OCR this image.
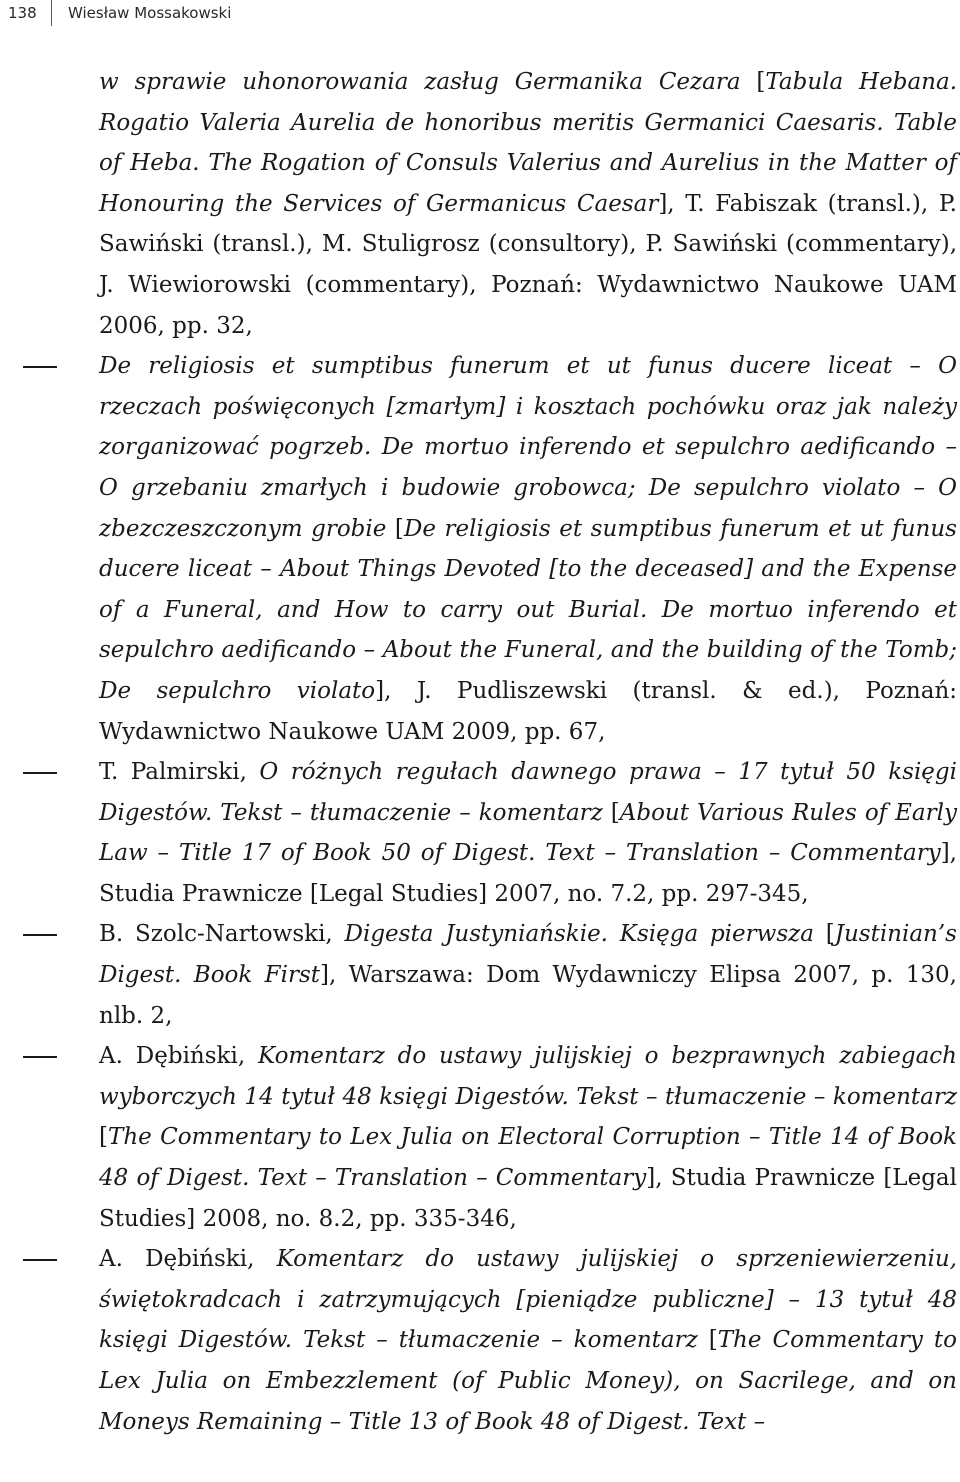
138 Wiesław Mossakowski

w sprawie uhonorowania zasług Germanika Cezara [Tabula Hebana. Rogatio Valeria Aurelia de honoribus meritis Germanici Caesaris. Table of Heba. The Rogation of Consuls Valerius and Aurelius in the Matter of Honouring the Services of Germanicus Caesar], T. Fabiszak (transl.), P. Sawiński (transl.), M. Stuligrosz (consultory), P. Sawiński (commentary), J. Wiewiorowski (commentary), Poznań: Wydawnictwo Naukowe UAM 2006, pp. 32,

De religiosis et sumptibus funerum et ut funus ducere liceat – O rzeczach poświęconych [zmarłym] i kosztach pochówku oraz jak należy zorganizować pogrzeb. De mortuo inferendo et sepulchro aedificando – O grzebaniu zmarłych i budowie grobowca; De sepulchro violato – O zbezczeszczonym grobie [De religiosis et sumptibus funerum et ut funus ducere liceat – About Things Devoted [to the deceased] and the Expense of a Funeral, and How to carry out Burial. De mortuo inferendo et sepulchro aedificando – About the Funeral, and the building of the Tomb; De sepulchro violato], J. Pudliszewski (transl. & ed.), Poznań: Wydawnictwo Naukowe UAM 2009, pp. 67,

T. Palmirski, O różnych regułach dawnego prawa – 17 tytuł 50 księgi Digestów. Tekst – tłumaczenie – komentarz [About Various Rules of Early Law – Title 17 of Book 50 of Digest. Text – Translation – Commentary], Studia Prawnicze [Legal Studies] 2007, no. 7.2, pp. 297-345,

B. Szolc-Nartowski, Digesta Justyniańskie. Księga pierwsza [Justinian’s Digest. Book First], Warszawa: Dom Wydawniczy Elipsa 2007, p. 130, nlb. 2,

A. Dębiński, Komentarz do ustawy julijskiej o bezprawnych zabiegach wyborczych 14 tytuł 48 księgi Digestów. Tekst – tłumaczenie – komentarz [The Commentary to Lex Julia on Electoral Corruption – Title 14 of Book 48 of Digest. Text – Translation – Commentary], Studia Prawnicze [Legal Studies] 2008, no. 8.2, pp. 335-346,

A. Dębiński, Komentarz do ustawy julijskiej o sprzeniewierzeniu, świętokradcach i zatrzymujących [pieniądze publiczne] – 13 tytuł 48 księgi Digestów. Tekst – tłumaczenie – komentarz [The Commentary to Lex Julia on Embezzlement (of Public Money), on Sacrilege, and on Moneys Remaining – Title 13 of Book 48 of Digest. Text –
